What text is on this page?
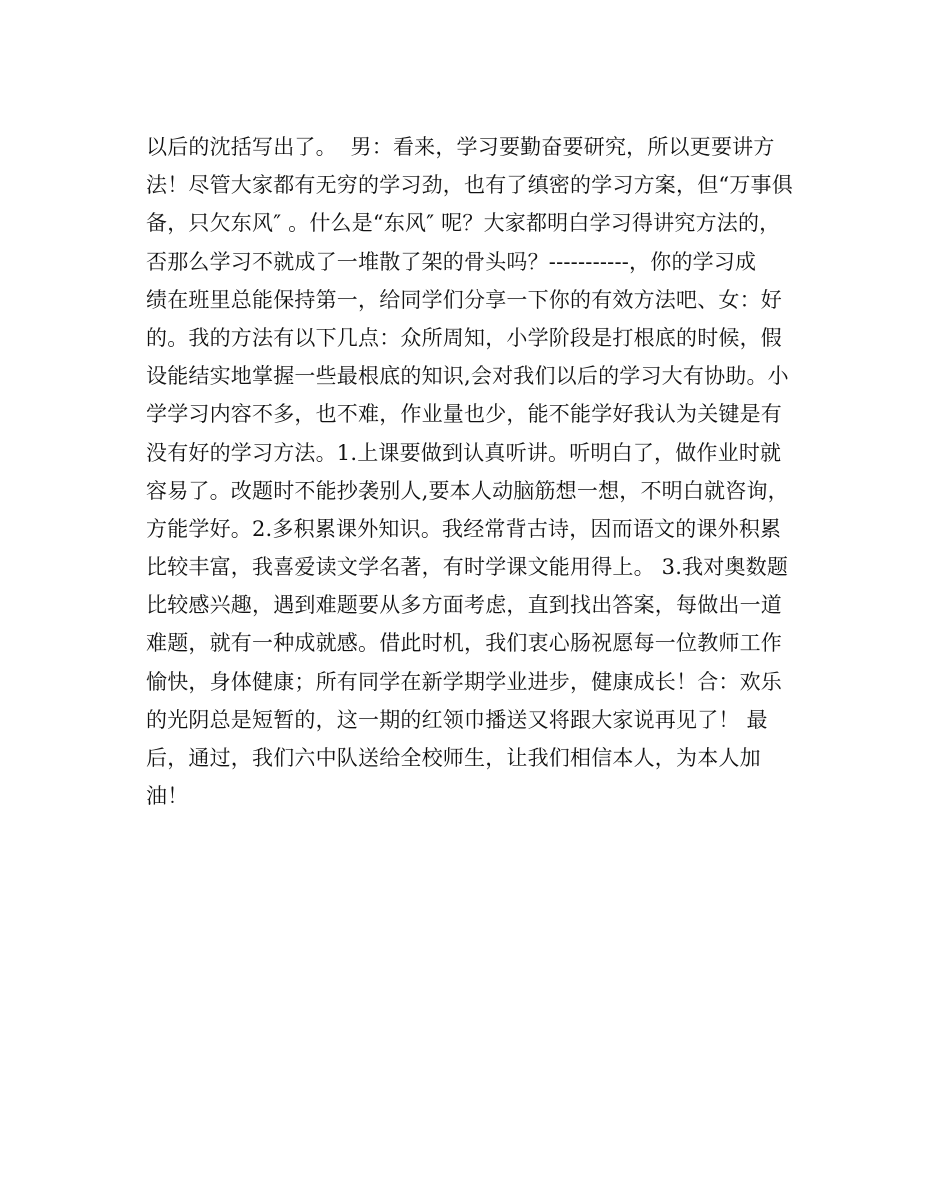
以后的沈括写出了。  男：看来，学习要勤奋要研究，所以更要讲方
法！尽管大家都有无穷的学习劲，也有了缜密的学习方案，但“万事俱
备，只欠东风″ 。什么是“东风″ 呢？大家都明白学习得讲究方法的，
否那么学习不就成了一堆散了架的骨头吗？-----------，你的学习成
绩在班里总能保持第一，给同学们分享一下你的有效方法吧、女：好
的。我的方法有以下几点：众所周知，小学阶段是打根底的时候，假
设能结实地掌握一些最根底的知识,会对我们以后的学习大有协助。小
学学习内容不多，也不难，作业量也少，能不能学好我认为关键是有
没有好的学习方法。1.上课要做到认真听讲。听明白了，做作业时就
容易了。改题时不能抄袭别人,要本人动脑筋想一想，不明白就咨询，
方能学好。2.多积累课外知识。我经常背古诗，因而语文的课外积累
比较丰富，我喜爱读文学名著，有时学课文能用得上。 3.我对奥数题
比较感兴趣，遇到难题要从多方面考虑，直到找出答案，每做出一道
难题，就有一种成就感。借此时机，我们衷心肠祝愿每一位教师工作
愉快，身体健康；所有同学在新学期学业进步，健康成长！合：欢乐
的光阴总是短暂的，这一期的红领巾播送又将跟大家说再见了！ 最
后，通过，我们六中队送给全校师生，让我们相信本人，为本人加
油！
